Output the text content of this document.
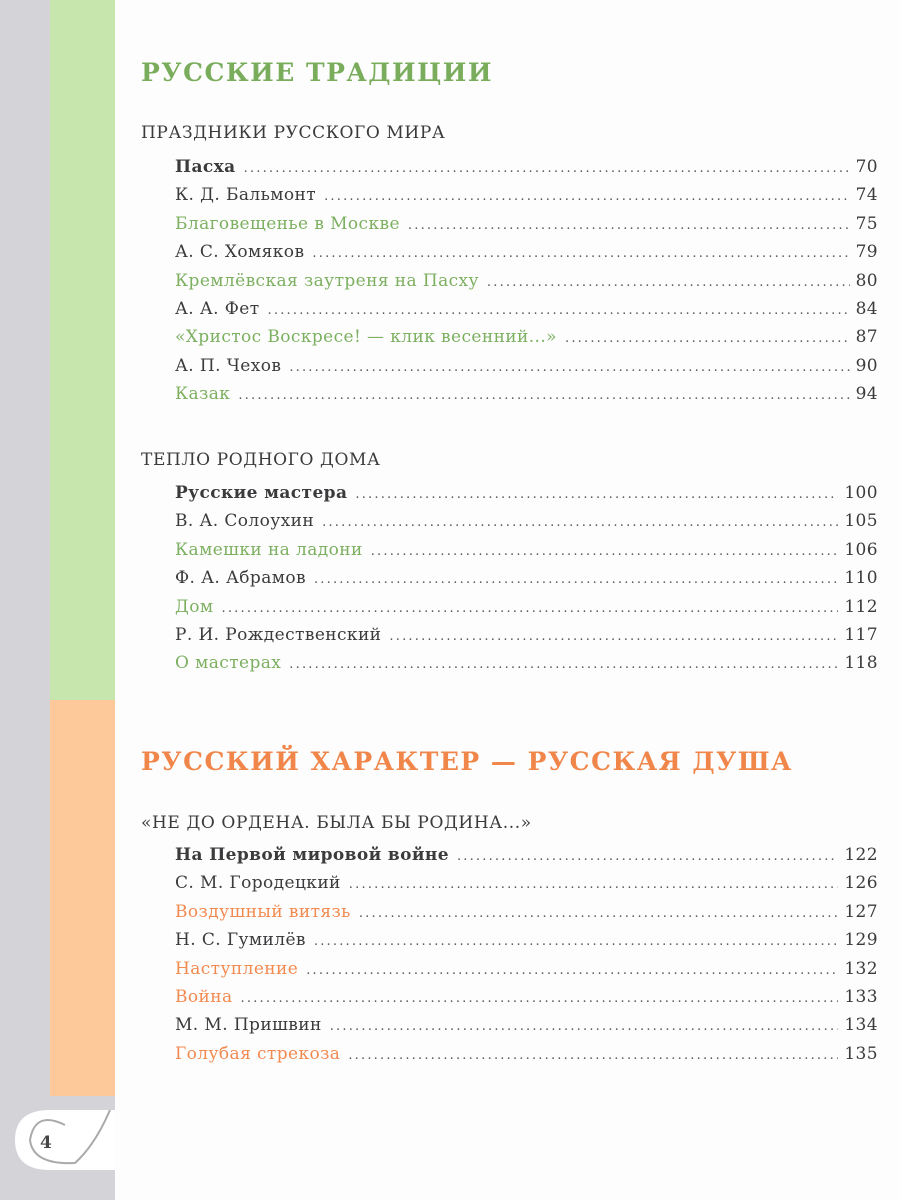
4
РУССКИЕ ТРАДИЦИИ
ПРАЗДНИКИ РУССКОГО МИРА
Пасха .....	70
К. Д. Бальмонт .....	74
Благовещенье в Москве .....	75
А. С. Хомяков .....	79
Кремлёвская заутреня на Пасху .....	80
А. А. Фет .....	84
«Христос Воскресе! — клик весенний...» .....	87
А. П. Чехов .....	90
Казак .....	94
ТЕПЛО РОДНОГО ДОМА
Русские мастера .....	100
В. А. Солоухин .....	105
Камешки на ладони .....	106
Ф. А. Абрамов .....	110
Дом .....	112
Р. И. Рождественский .....	117
О мастерах .....	118
РУССКИЙ ХАРАКТЕР — РУССКАЯ ДУША
«НЕ ДО ОРДЕНА. БЫЛА БЫ РОДИНА...»
На Первой мировой войне .....	122
С. М. Городецкий .....	126
Воздушный витязь .....	127
Н. С. Гумилёв .....	129
Наступление .....	132
Война .....	133
М. М. Пришвин .....	134
Голубая стрекоза .....	135
